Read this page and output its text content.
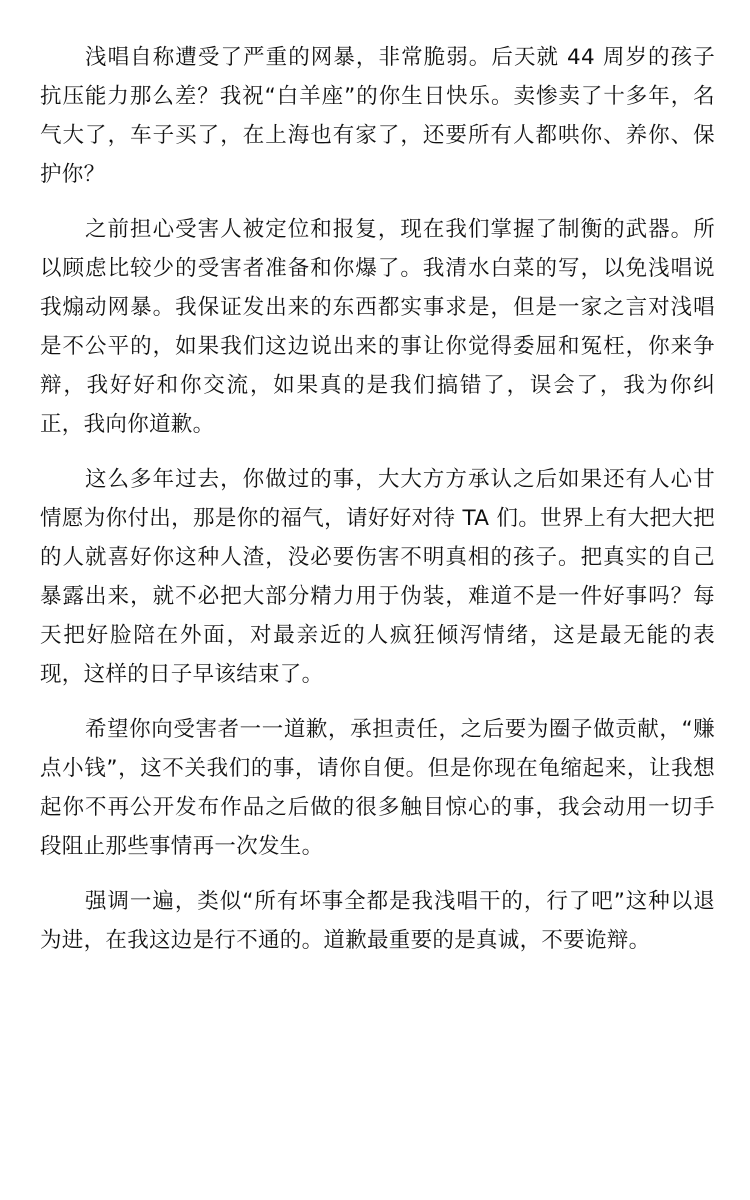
浅唱自称遭受了严重的网暴，非常脆弱。后天就 44 周岁的孩子抗压能力那么差？我祝“白羊座”的你生日快乐。卖惨卖了十多年，名气大了，车子买了，在上海也有家了，还要所有人都哄你、养你、保护你？

之前担心受害人被定位和报复，现在我们掌握了制衡的武器。所以顾虑比较少的受害者准备和你爆了。我清水白菜的写，以免浅唱说我煽动网暴。我保证发出来的东西都实事求是，但是一家之言对浅唱是不公平的，如果我们这边说出来的事让你觉得委屈和冤枉，你来争辩，我好好和你交流，如果真的是我们搞错了，误会了，我为你纠正，我向你道歉。

这么多年过去，你做过的事，大大方方承认之后如果还有人心甘情愿为你付出，那是你的福气，请好好对待 TA 们。世界上有大把大把的人就喜好你这种人渣，没必要伤害不明真相的孩子。把真实的自己暴露出来，就不必把大部分精力用于伪装，难道不是一件好事吗？每天把好脸陪在外面，对最亲近的人疯狂倾泻情绪，这是最无能的表现，这样的日子早该结束了。

希望你向受害者一一道歉，承担责任，之后要为圈子做贡献，“赚点小钱”，这不关我们的事，请你自便。但是你现在龟缩起来，让我想起你不再公开发布作品之后做的很多触目惊心的事，我会动用一切手段阻止那些事情再一次发生。

强调一遍，类似“所有坏事全都是我浅唱干的，行了吧”这种以退为进，在我这边是行不通的。道歉最重要的是真诚，不要诡辩。
